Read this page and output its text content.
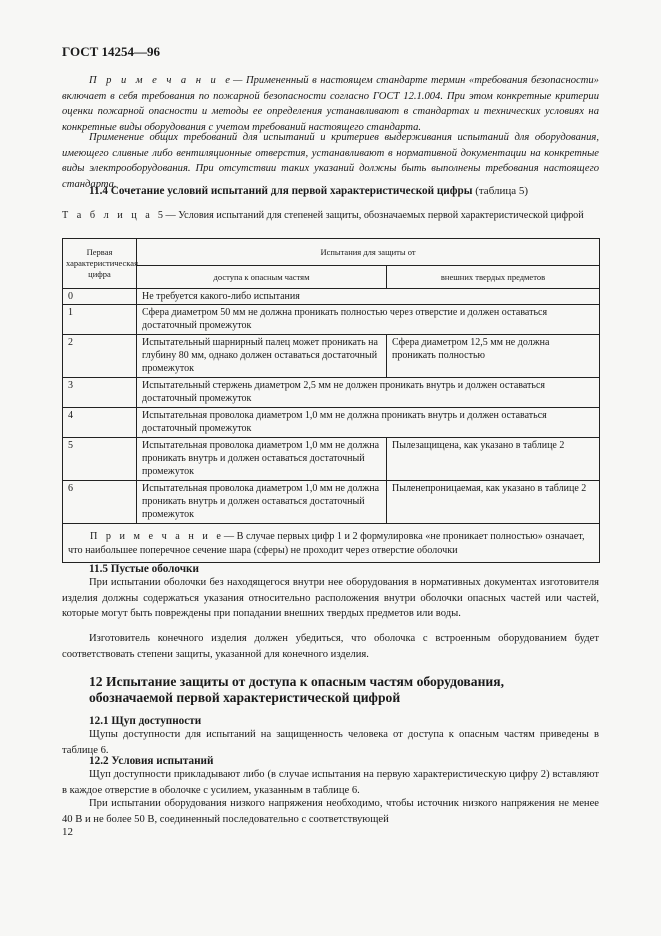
ГОСТ 14254—96
П р и м е ч а н и е— Примененный в настоящем стандарте термин «требования безопасности» включает в себя требования по пожарной безопасности согласно ГОСТ 12.1.004. При этом конкретные критерии оценки пожарной опасности и методы ее определения устанавливают в стандартах и технических условиях на конкретные виды оборудования с учетом требований настоящего стандарта.
Применение общих требований для испытаний и критериев выдерживания испытаний для оборудования, имеющего сливные либо вентиляционные отверстия, устанавливают в нормативной документации на конкретные виды электрооборудования. При отсутствии таких указаний должны быть выполнены требования настоящего стандарта.
11.4 Сочетание условий испытаний для первой характеристической цифры (таблица 5)
Т а б л и ц а 5 — Условия испытаний для степеней защиты, обозначаемых первой характеристической цифрой
Первая характеристическая цифра	Испытания для защиты от	
	доступа к опасным частям	внешних твердых предметов
0	Не требуется какого-либо испытания	
1	Сфера диаметром 50 мм не должна проникать полностью через отверстие и должен оставаться достаточный промежуток	
2	Испытательный шарнирный палец может проникать на глубину 80 мм, однако должен оставаться достаточный промежуток	Сфера диаметром 12,5 мм не должна проникать полностью
3	Испытательный стержень диаметром 2,5 мм не должен проникать внутрь и должен оставаться достаточный промежуток	
4	Испытательная проволока диаметром 1,0 мм не должна проникать внутрь и должен оставаться достаточный промежуток	
5	Испытательная проволока диаметром 1,0 мм не должна проникать внутрь и должен оставаться достаточный промежуток	Пылезащищена, как указано в таблице 2
6	Испытательная проволока диаметром 1,0 мм не должна проникать внутрь и должен оставаться достаточный промежуток	Пыленепроницаемая, как указано в таблице 2
П р и м е ч а н и е— В случае первых цифр 1 и 2 формулировка «не проникает полностью» означает, что наибольшее поперечное сечение шара (сферы) не проходит через отверстие оболочки		
11.5 Пустые оболочки
При испытании оболочки без находящегося внутри нее оборудования в нормативных документах изготовителя изделия должны содержаться указания относительно расположения внутри оболочки опасных частей или частей, которые могут быть повреждены при попадании внешних твердых предметов или воды.
Изготовитель конечного изделия должен убедиться, что оболочка с встроенным оборудованием будет соответствовать степени защиты, указанной для конечного изделия.
12 Испытание защиты от доступа к опасным частям оборудования,
обозначаемой первой характеристической цифрой
12.1 Щуп доступности
Щупы доступности для испытаний на защищенность человека от доступа к опасным частям приведены в таблице 6.
12.2 Условия испытаний
Щуп доступности прикладывают либо (в случае испытания на первую характеристическую цифру 2) вставляют в каждое отверстие в оболочке с усилием, указанным в таблице 6.
При испытании оборудования низкого напряжения необходимо, чтобы источник низкого напряжения не менее 40 В и не более 50 В, соединенный последовательно с соответствующей
12
